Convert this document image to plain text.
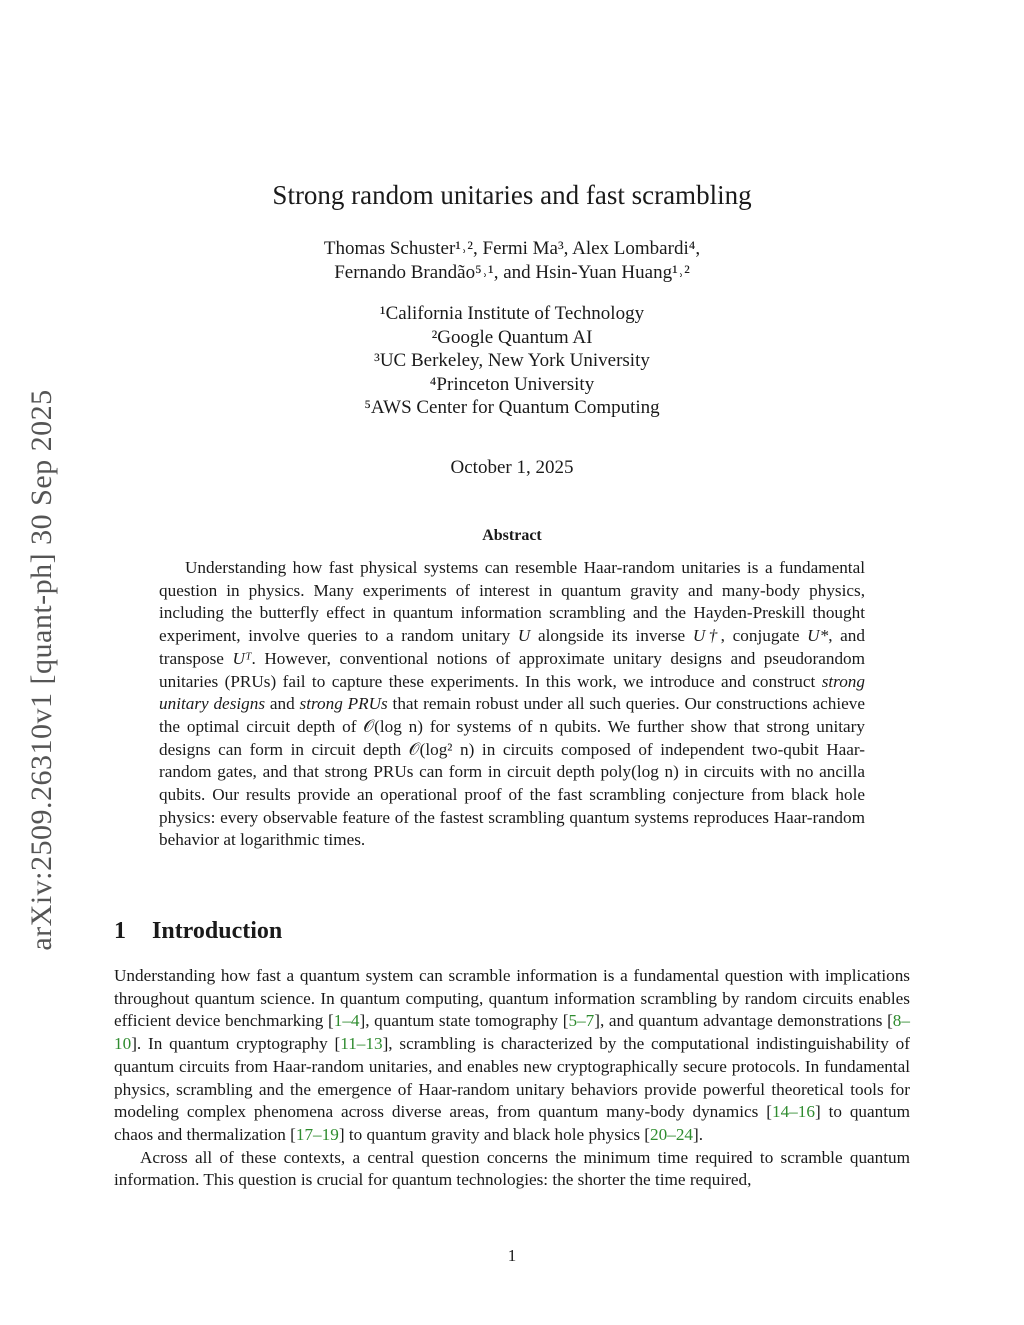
arXiv:2509.26310v1 [quant-ph] 30 Sep 2025
Strong random unitaries and fast scrambling
Thomas Schuster¹˒², Fermi Ma³, Alex Lombardi⁴,
Fernando Brandão⁵˒¹, and Hsin-Yuan Huang¹˒²
¹California Institute of Technology
²Google Quantum AI
³UC Berkeley, New York University
⁴Princeton University
⁵AWS Center for Quantum Computing
October 1, 2025
Abstract

Understanding how fast physical systems can resemble Haar-random unitaries is a fundamental question in physics. Many experiments of interest in quantum gravity and many-body physics, including the butterfly effect in quantum information scrambling and the Hayden-Preskill thought experiment, involve queries to a random unitary U alongside its inverse U†, conjugate U*, and transpose Uᵀ. However, conventional notions of approximate unitary designs and pseudorandom unitaries (PRUs) fail to capture these experiments. In this work, we introduce and construct strong unitary designs and strong PRUs that remain robust under all such queries. Our constructions achieve the optimal circuit depth of 𝒪(log n) for systems of n qubits. We further show that strong unitary designs can form in circuit depth 𝒪(log² n) in circuits composed of independent two-qubit Haar-random gates, and that strong PRUs can form in circuit depth poly(log n) in circuits with no ancilla qubits. Our results provide an operational proof of the fast scrambling conjecture from black hole physics: every observable feature of the fastest scrambling quantum systems reproduces Haar-random behavior at logarithmic times.

1 Introduction

Understanding how fast a quantum system can scramble information is a fundamental question with implications throughout quantum science. In quantum computing, quantum information scrambling by random circuits enables efficient device benchmarking [1–4], quantum state tomography [5–7], and quantum advantage demonstrations [8–10]. In quantum cryptography [11–13], scrambling is characterized by the computational indistinguishability of quantum circuits from Haar-random unitaries, and enables new cryptographically secure protocols. In fundamental physics, scrambling and the emergence of Haar-random unitary behaviors provide powerful theoretical tools for modeling complex phenomena across diverse areas, from quantum many-body dynamics [14–16] to quantum chaos and thermalization [17–19] to quantum gravity and black hole physics [20–24].

Across all of these contexts, a central question concerns the minimum time required to scramble quantum information. This question is crucial for quantum technologies: the shorter the time required,

1
